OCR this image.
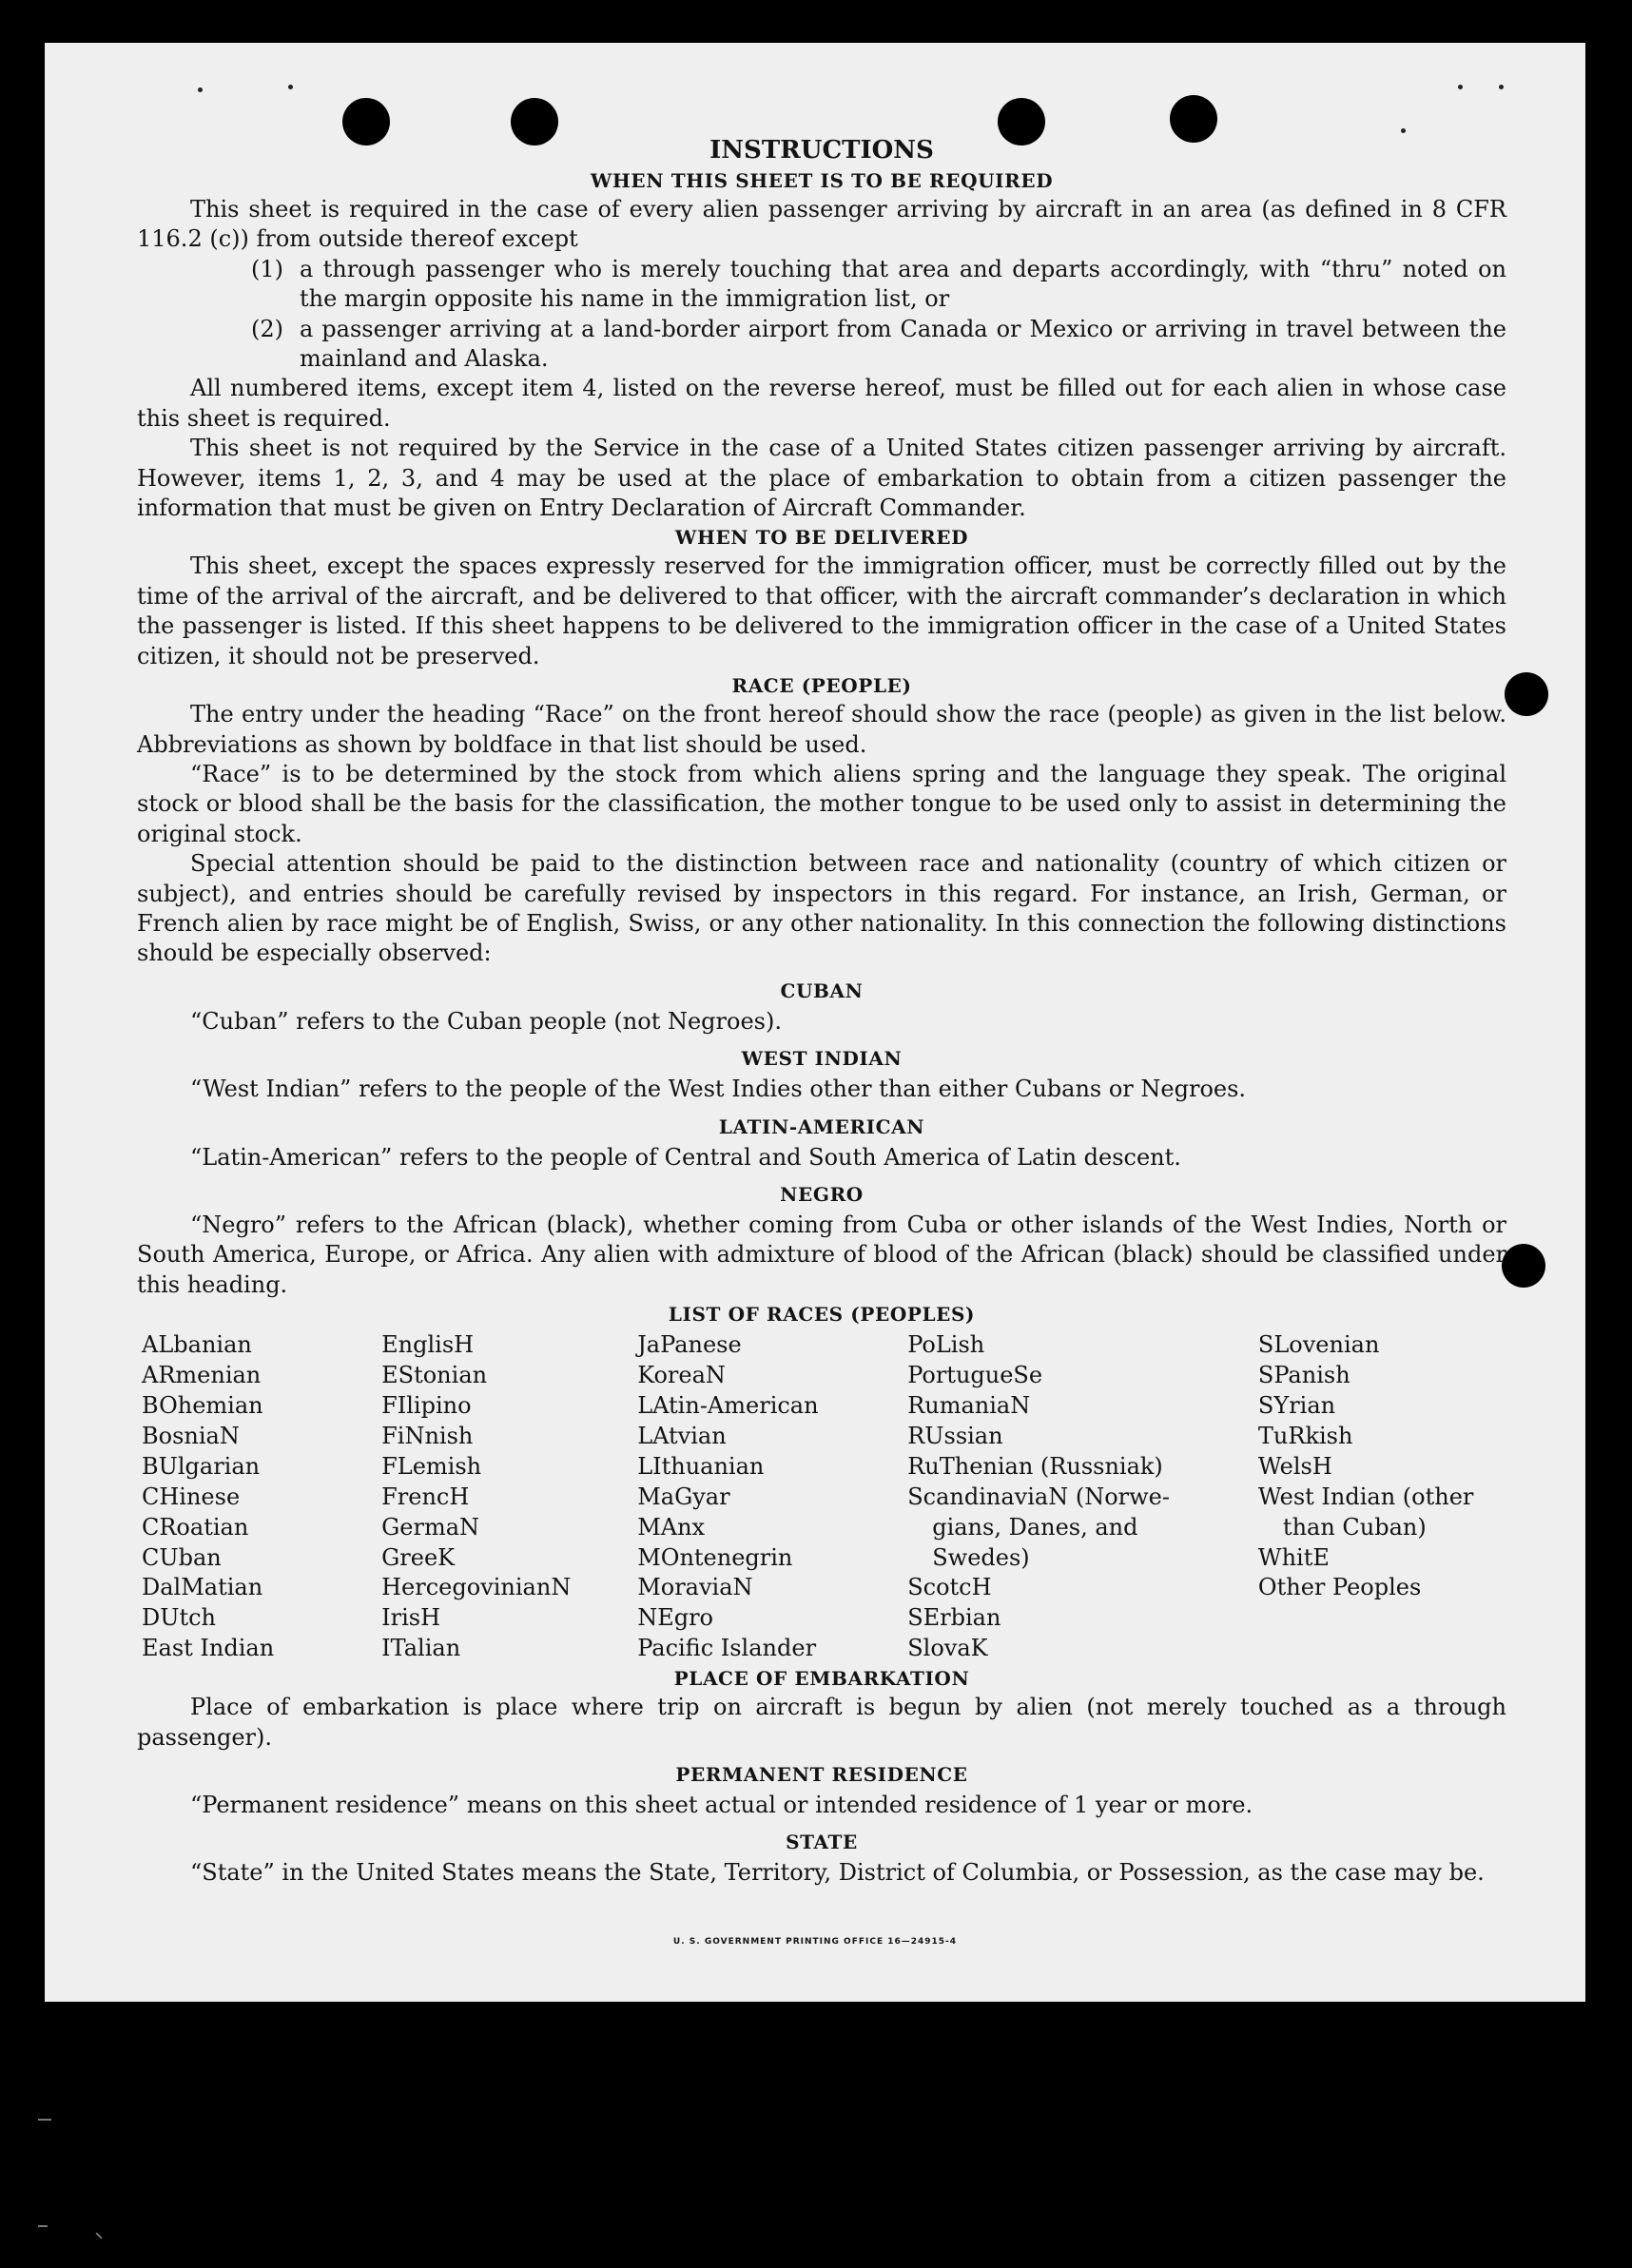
INSTRUCTIONS
WHEN THIS SHEET IS TO BE REQUIRED

This sheet is required in the case of every alien passenger arriving by aircraft in an area (as defined in 8 CFR 116.2 (c)) from outside thereof except

(1) a through passenger who is merely touching that area and departs accordingly, with “thru” noted on the margin opposite his name in the immigration list, or
(2) a passenger arriving at a land-border airport from Canada or Mexico or arriving in travel between the mainland and Alaska.

All numbered items, except item 4, listed on the reverse hereof, must be filled out for each alien in whose case this sheet is required.

This sheet is not required by the Service in the case of a United States citizen passenger arriving by aircraft. However, items 1, 2, 3, and 4 may be used at the place of embarkation to obtain from a citizen passenger the information that must be given on Entry Declaration of Aircraft Commander.

WHEN TO BE DELIVERED

This sheet, except the spaces expressly reserved for the immigration officer, must be correctly filled out by the time of the arrival of the aircraft, and be delivered to that officer, with the aircraft commander’s declaration in which the passenger is listed. If this sheet happens to be delivered to the immigration officer in the case of a United States citizen, it should not be preserved.

RACE (PEOPLE)

The entry under the heading “Race” on the front hereof should show the race (people) as given in the list below. Abbreviations as shown by boldface in that list should be used.

“Race” is to be determined by the stock from which aliens spring and the language they speak. The original stock or blood shall be the basis for the classification, the mother tongue to be used only to assist in determining the original stock.

Special attention should be paid to the distinction between race and nationality (country of which citizen or subject), and entries should be carefully revised by inspectors in this regard. For instance, an Irish, German, or French alien by race might be of English, Swiss, or any other nationality. In this connection the following distinctions should be especially observed:

CUBAN

“Cuban” refers to the Cuban people (not Negroes).

WEST INDIAN

“West Indian” refers to the people of the West Indies other than either Cubans or Negroes.

LATIN-AMERICAN

“Latin-American” refers to the people of Central and South America of Latin descent.

NEGRO

“Negro” refers to the African (black), whether coming from Cuba or other islands of the West Indies, North or South America, Europe, or Africa. Any alien with admixture of blood of the African (black) should be classified under this heading.

LIST OF RACES (PEOPLES)
ALbanian
ARmenian
BOhemian
BosniaN
BUlgarian
CHinese
CRoatian
CUban
DalMatian
DUtch
East Indian
EnglisH
EStonian
FIlipino
FiNnish
FLemish
FrencH
GermaN
GreeK
HercegovinianN
IrisH
ITalian
JaPanese
KoreaN
LAtin-American
LAtvian
LIthuanian
MaGyar
MAnx
MOntenegrin
MoraviaN
NEgro
Pacific Islander
PoLish
PortugueSe
RumaniaN
RUssian
RuThenian (Russniak)
ScandinaviaN (Norwe-
gians, Danes, and
Swedes)
ScotcH
SErbian
SlovaK
SLovenian
SPanish
SYrian
TuRkish
WelsH
West Indian (other
than Cuban)
WhitE
Other Peoples
PLACE OF EMBARKATION

Place of embarkation is place where trip on aircraft is begun by alien (not merely touched as a through passenger).

PERMANENT RESIDENCE

“Permanent residence” means on this sheet actual or intended residence of 1 year or more.

STATE

“State” in the United States means the State, Territory, District of Columbia, or Possession, as the case may be.

U. S. GOVERNMENT PRINTING OFFICE 16—24915-4
